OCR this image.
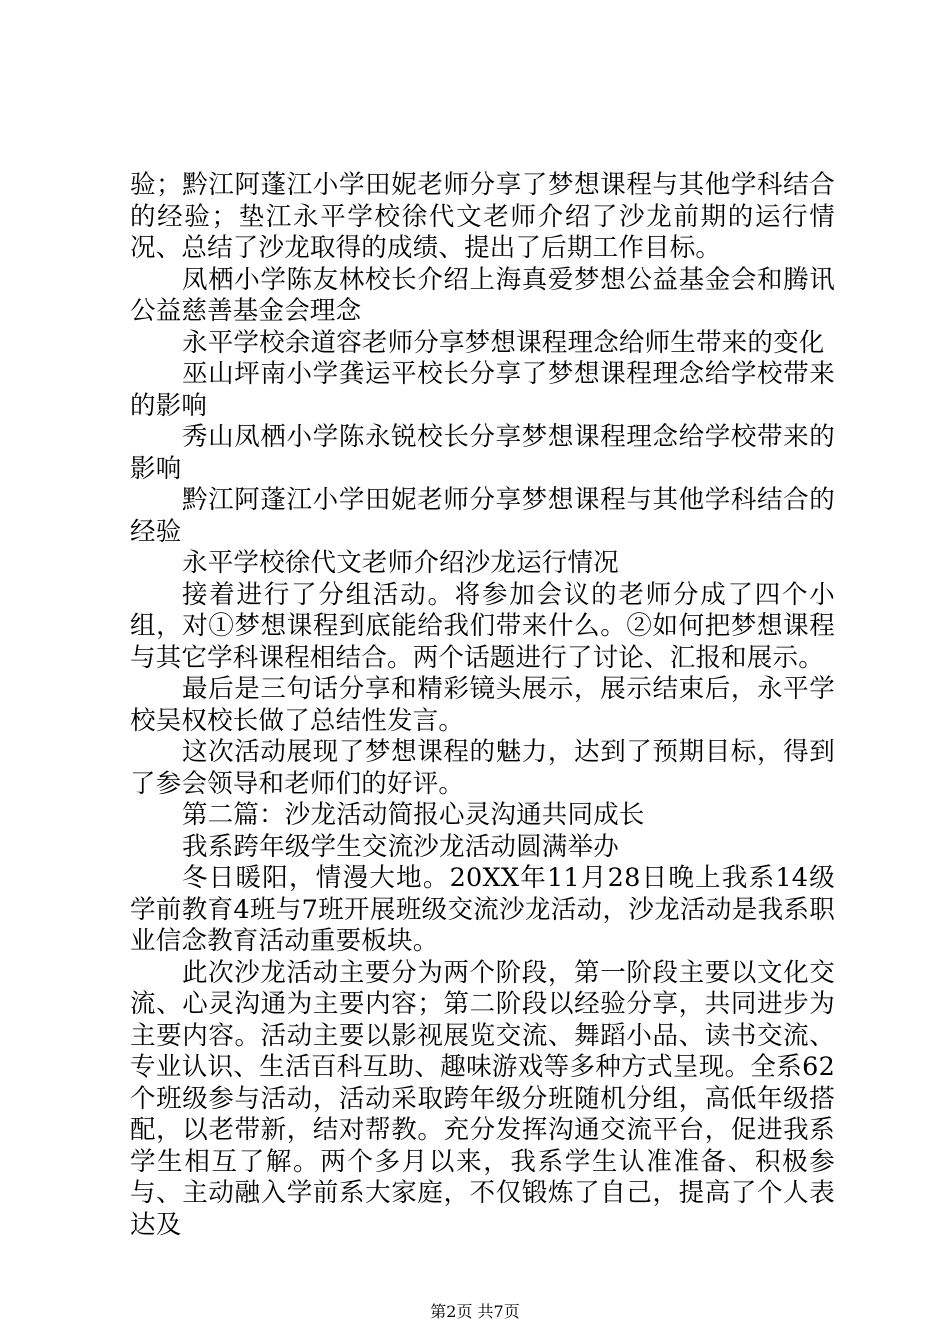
验；黔江阿蓬江小学田妮老师分享了梦想课程与其他学科结合的经验；垫江永平学校徐代文老师介绍了沙龙前期的运行情况、总结了沙龙取得的成绩、提出了后期工作目标。

凤栖小学陈友林校长介绍上海真爱梦想公益基金会和腾讯公益慈善基金会理念

永平学校余道容老师分享梦想课程理念给师生带来的变化

巫山坪南小学龚运平校长分享了梦想课程理念给学校带来的影响

秀山凤栖小学陈永锐校长分享梦想课程理念给学校带来的影响

黔江阿蓬江小学田妮老师分享梦想课程与其他学科结合的经验

永平学校徐代文老师介绍沙龙运行情况

接着进行了分组活动。将参加会议的老师分成了四个小组，对①梦想课程到底能给我们带来什么。②如何把梦想课程与其它学科课程相结合。两个话题进行了讨论、汇报和展示。

最后是三句话分享和精彩镜头展示，展示结束后，永平学校吴权校长做了总结性发言。

这次活动展现了梦想课程的魅力，达到了预期目标，得到了参会领导和老师们的好评。

第二篇：沙龙活动简报心灵沟通共同成长

我系跨年级学生交流沙龙活动圆满举办

冬日暖阳，情漫大地。20XX年11月28日晚上我系14级学前教育4班与7班开展班级交流沙龙活动，沙龙活动是我系职业信念教育活动重要板块。

此次沙龙活动主要分为两个阶段，第一阶段主要以文化交流、心灵沟通为主要内容；第二阶段以经验分享，共同进步为主要内容。活动主要以影视展览交流、舞蹈小品、读书交流、专业认识、生活百科互助、趣味游戏等多种方式呈现。全系62个班级参与活动，活动采取跨年级分班随机分组，高低年级搭配，以老带新，结对帮教。充分发挥沟通交流平台，促进我系学生相互了解。两个多月以来，我系学生认准准备、积极参与、主动融入学前系大家庭，不仅锻炼了自己，提高了个人表达及

第2页 共7页
